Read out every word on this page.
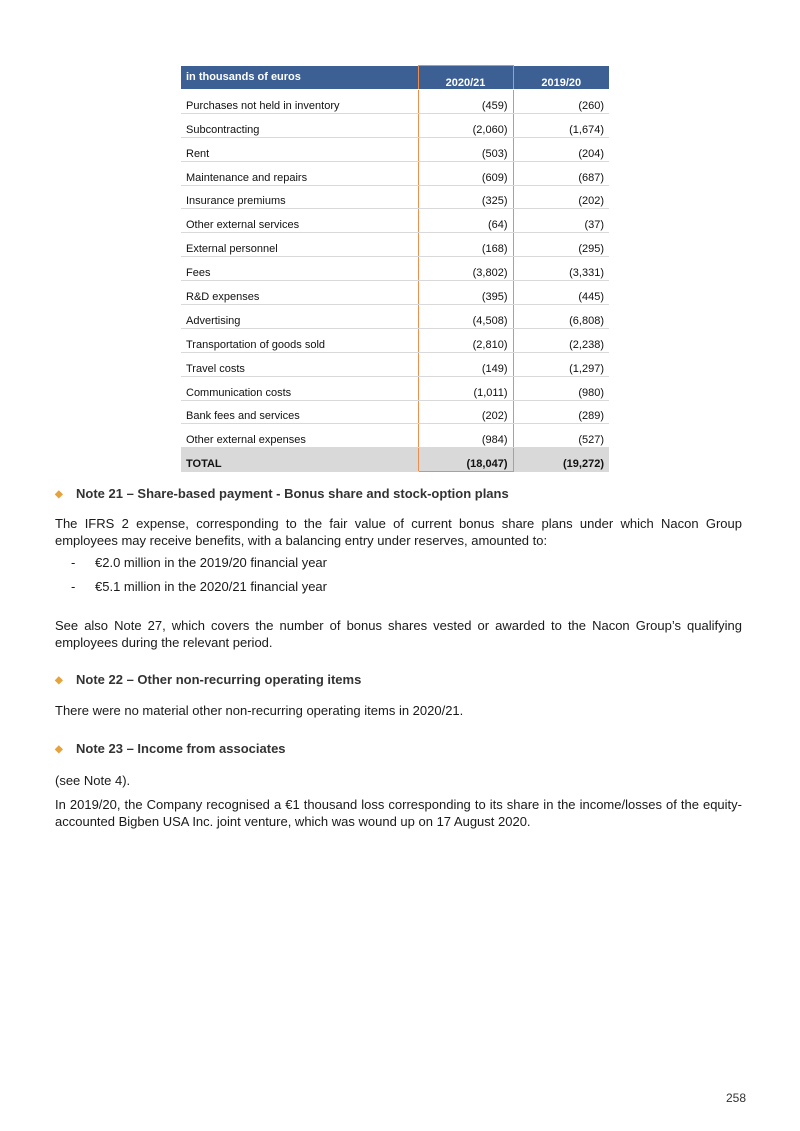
in thousands of euros	2020/21	2019/20
Purchases not held in inventory	(459)	(260)
Subcontracting	(2,060)	(1,674)
Rent	(503)	(204)
Maintenance and repairs	(609)	(687)
Insurance premiums	(325)	(202)
Other external services	(64)	(37)
External personnel	(168)	(295)
Fees	(3,802)	(3,331)
R&D expenses	(395)	(445)
Advertising	(4,508)	(6,808)
Transportation of goods sold	(2,810)	(2,238)
Travel costs	(149)	(1,297)
Communication costs	(1,011)	(980)
Bank fees and services	(202)	(289)
Other external expenses	(984)	(527)
TOTAL	(18,047)	(19,272)
◆ Note 21 – Share-based payment - Bonus share and stock-option plans

The IFRS 2 expense, corresponding to the fair value of current bonus share plans under which Nacon Group employees may receive benefits, with a balancing entry under reserves, amounted to:

- €2.0 million in the 2019/20 financial year
- €5.1 million in the 2020/21 financial year

See also Note 27, which covers the number of bonus shares vested or awarded to the Nacon Group’s qualifying employees during the relevant period.

◆ Note 22 – Other non-recurring operating items

There were no material other non-recurring operating items in 2020/21.

◆ Note 23 – Income from associates

(see Note 4).

In 2019/20, the Company recognised a €1 thousand loss corresponding to its share in the income/losses of the equity-accounted Bigben USA Inc. joint venture, which was wound up on 17 August 2020.

258
